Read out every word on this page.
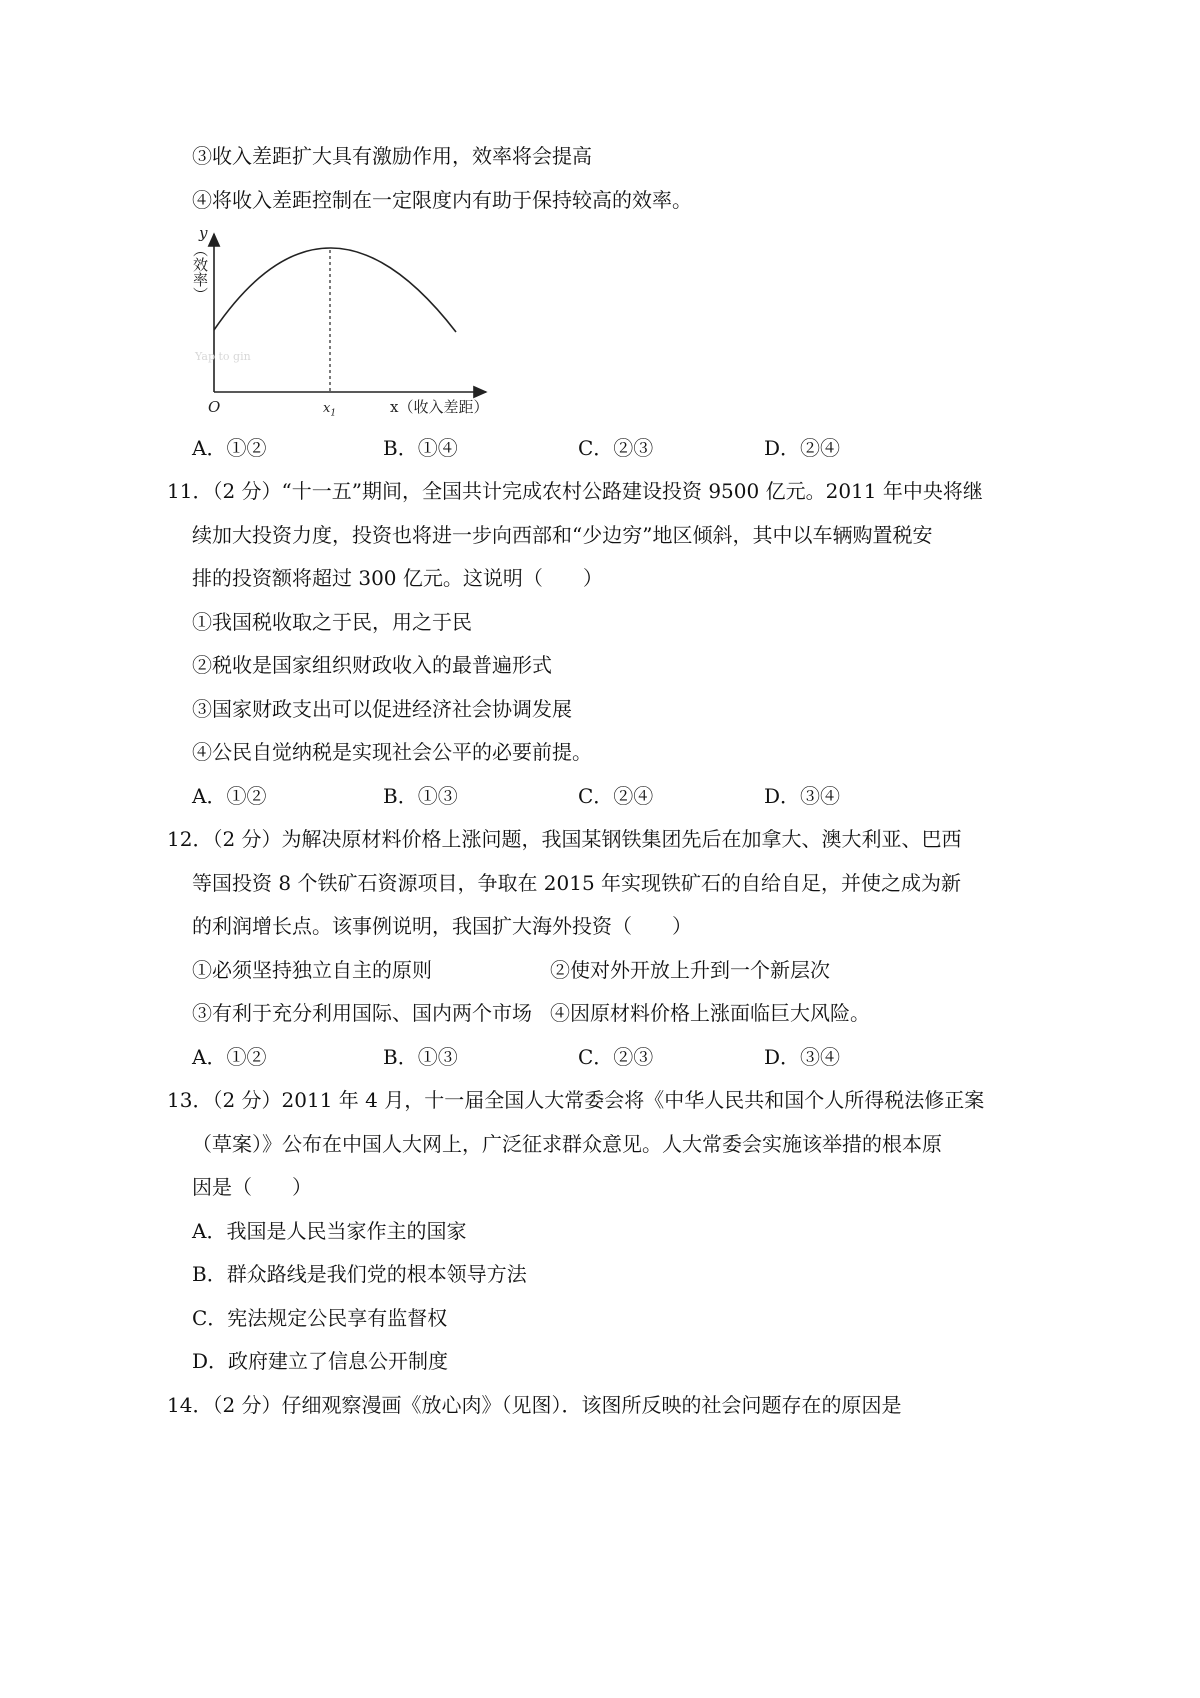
③收入差距扩大具有激励作用，效率将会提高
④将收入差距控制在一定限度内有助于保持较高的效率。
y
（效率）
Yap to gin
O	$x_1$	x（收入差距）
A．①②	B．①④	C．②③	D．②④
11．（2 分）“十一五”期间，全国共计完成农村公路建设投资 9500 亿元。2011 年中央将继
续加大投资力度，投资也将进一步向西部和“少边穷”地区倾斜，其中以车辆购置税安
排的投资额将超过 300 亿元。这说明（　　）
①我国税收取之于民，用之于民
②税收是国家组织财政收入的最普遍形式
③国家财政支出可以促进经济社会协调发展
④公民自觉纳税是实现社会公平的必要前提。
A．①②	B．①③	C．②④	D．③④
12．（2 分）为解决原材料价格上涨问题，我国某钢铁集团先后在加拿大、澳大利亚、巴西
等国投资 8 个铁矿石资源项目，争取在 2015 年实现铁矿石的自给自足，并使之成为新
的利润增长点。该事例说明，我国扩大海外投资（　　）
①必须坚持独立自主的原则	②使对外开放上升到一个新层次
③有利于充分利用国际、国内两个市场 ④因原材料价格上涨面临巨大风险。
A．①②	B．①③	C．②③	D．③④
13．（2 分）2011 年 4 月，十一届全国人大常委会将《中华人民共和国个人所得税法修正案
（草案）》公布在中国人大网上，广泛征求群众意见。人大常委会实施该举措的根本原
因是（　　）
A．我国是人民当家作主的国家
B．群众路线是我们党的根本领导方法
C．宪法规定公民享有监督权
D．政府建立了信息公开制度
14．（2 分）仔细观察漫画《放心肉》（见图）．该图所反映的社会问题存在的原因是
